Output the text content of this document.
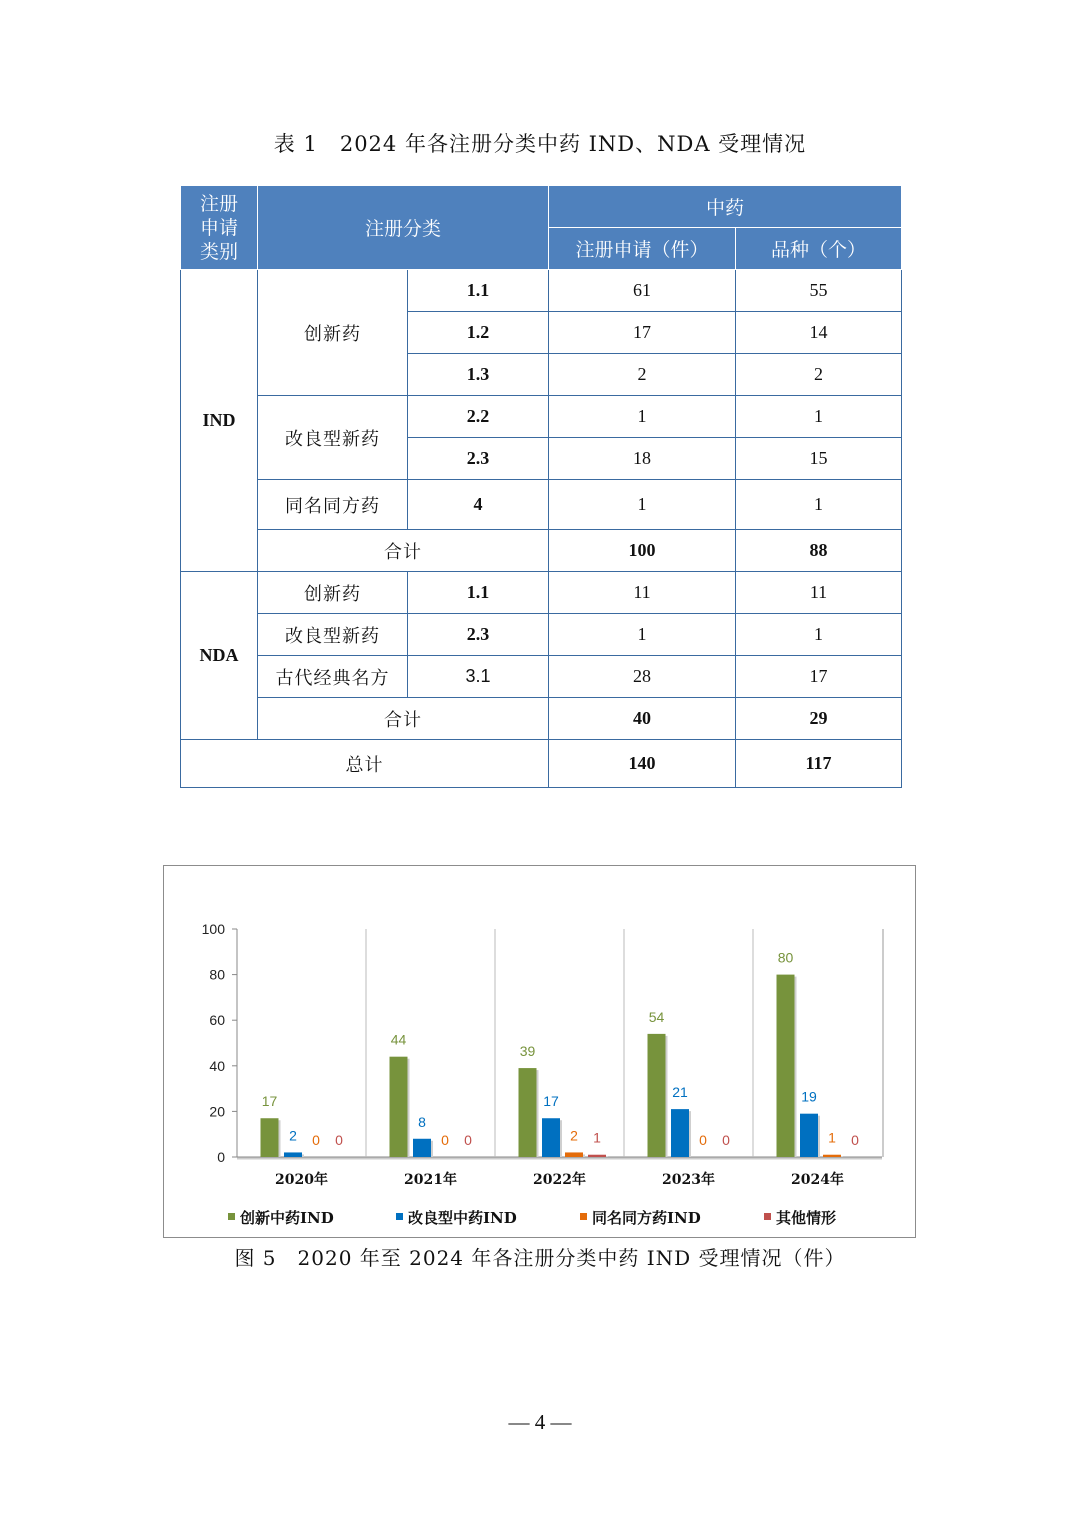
表 1　2024 年各注册分类中药 IND、NDA 受理情况
注册
申请
类别	注册分类		中药	
			注册申请（件）	品种（个）
IND	创新药	1.1	61	55
		1.2	17	14
		1.3	2	2
	改良型新药	2.2	1	1
		2.3	18	15
	同名同方药	4	1	1
	合计		100	88
NDA	创新药	1.1	11	11
	改良型新药	2.3	1	1
	古代经典名方	3.1	28	17
	合计		40	29
总计			140	117
0
20
40
60
80
100
2020年
17
2 0 0
2021年
44
8
0 0
2022年
39
17
2 1
2023年
54
21
0 0
2024年
80
19
1 0
创新中药IND	改良型中药IND	同名同方药IND	其他情形
图 5　2020 年至 2024 年各注册分类中药 IND 受理情况（件）
— 4 —
